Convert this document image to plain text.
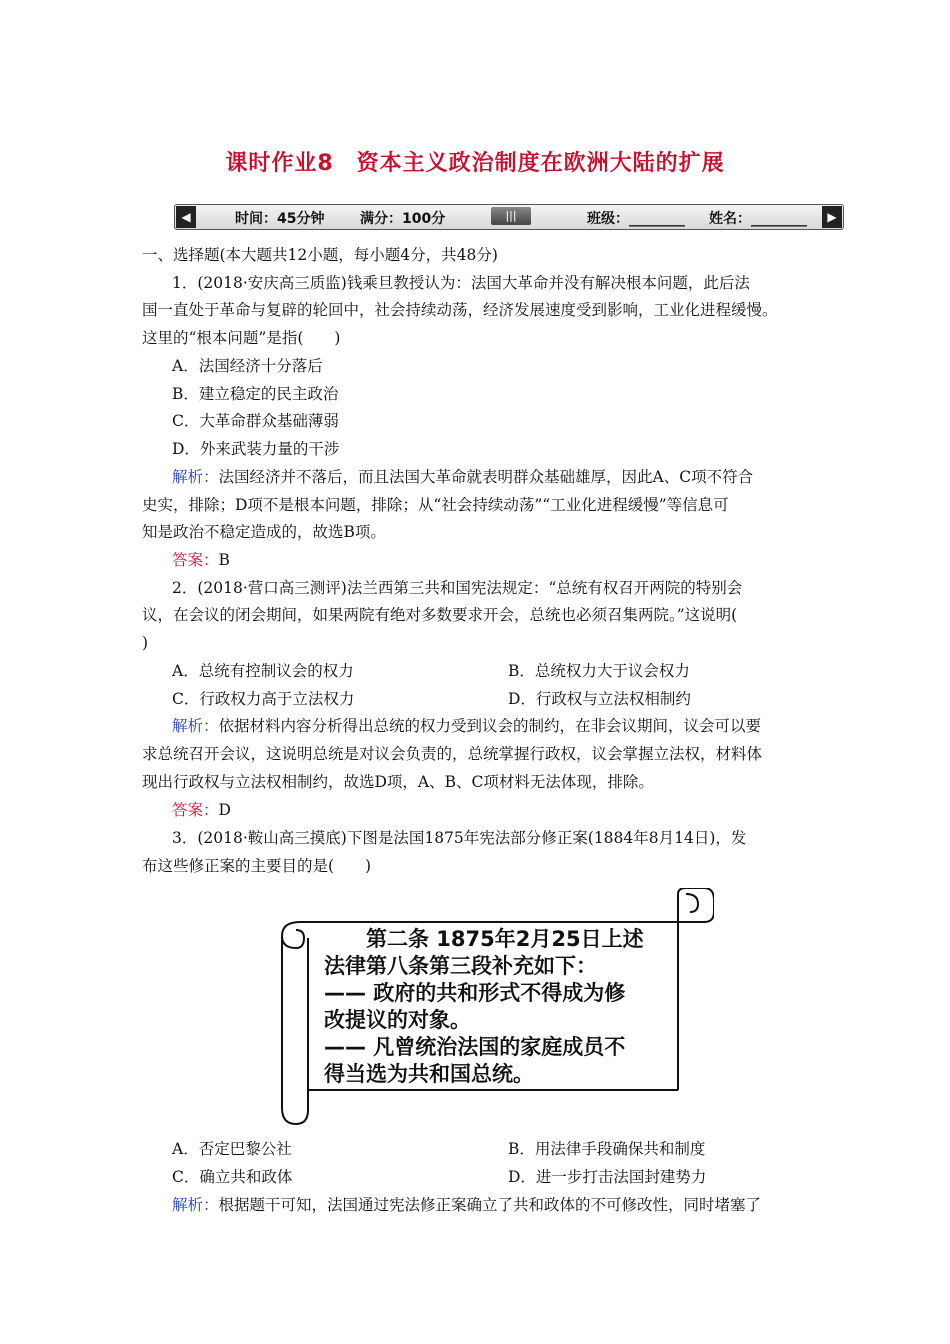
课时作业8　资本主义政治制度在欧洲大陆的扩展
◀	时间：45分钟	满分：100分	|||	班级：________ 姓名：________	▶
一、选择题(本大题共12小题，每小题4分，共48分)
1．(2018·安庆高三质监)钱乘旦教授认为：法国大革命并没有解决根本问题，此后法
国一直处于革命与复辟的轮回中，社会持续动荡，经济发展速度受到影响，工业化进程缓慢。
这里的“根本问题”是指(　　)
A．法国经济十分落后
B．建立稳定的民主政治
C．大革命群众基础薄弱
D．外来武装力量的干涉
解析：法国经济并不落后，而且法国大革命就表明群众基础雄厚，因此A、C项不符合
史实，排除；D项不是根本问题，排除；从“社会持续动荡”“工业化进程缓慢”等信息可
知是政治不稳定造成的，故选B项。
答案：B
2．(2018·营口高三测评)法兰西第三共和国宪法规定：“总统有权召开两院的特别会
议，在会议的闭会期间，如果两院有绝对多数要求开会，总统也必须召集两院。”这说明(
)
A．总统有控制议会的权力	B．总统权力大于议会权力
C．行政权力高于立法权力	D．行政权与立法权相制约
解析：依据材料内容分析得出总统的权力受到议会的制约，在非会议期间，议会可以要
求总统召开会议，这说明总统是对议会负责的，总统掌握行政权，议会掌握立法权，材料体
现出行政权与立法权相制约，故选D项，A、B、C项材料无法体现，排除。
答案：D
3．(2018·鞍山高三摸底)下图是法国1875年宪法部分修正案(1884年8月14日)，发
布这些修正案的主要目的是(　　)
　　第二条 1875年2月25日上述
法律第八条第三段补充如下：
—— 政府的共和形式不得成为修
改提议的对象。
—— 凡曾统治法国的家庭成员不
得当选为共和国总统。
A．否定巴黎公社	B．用法律手段确保共和制度
C．确立共和政体	D．进一步打击法国封建势力
解析：根据题干可知，法国通过宪法修正案确立了共和政体的不可修改性，同时堵塞了
